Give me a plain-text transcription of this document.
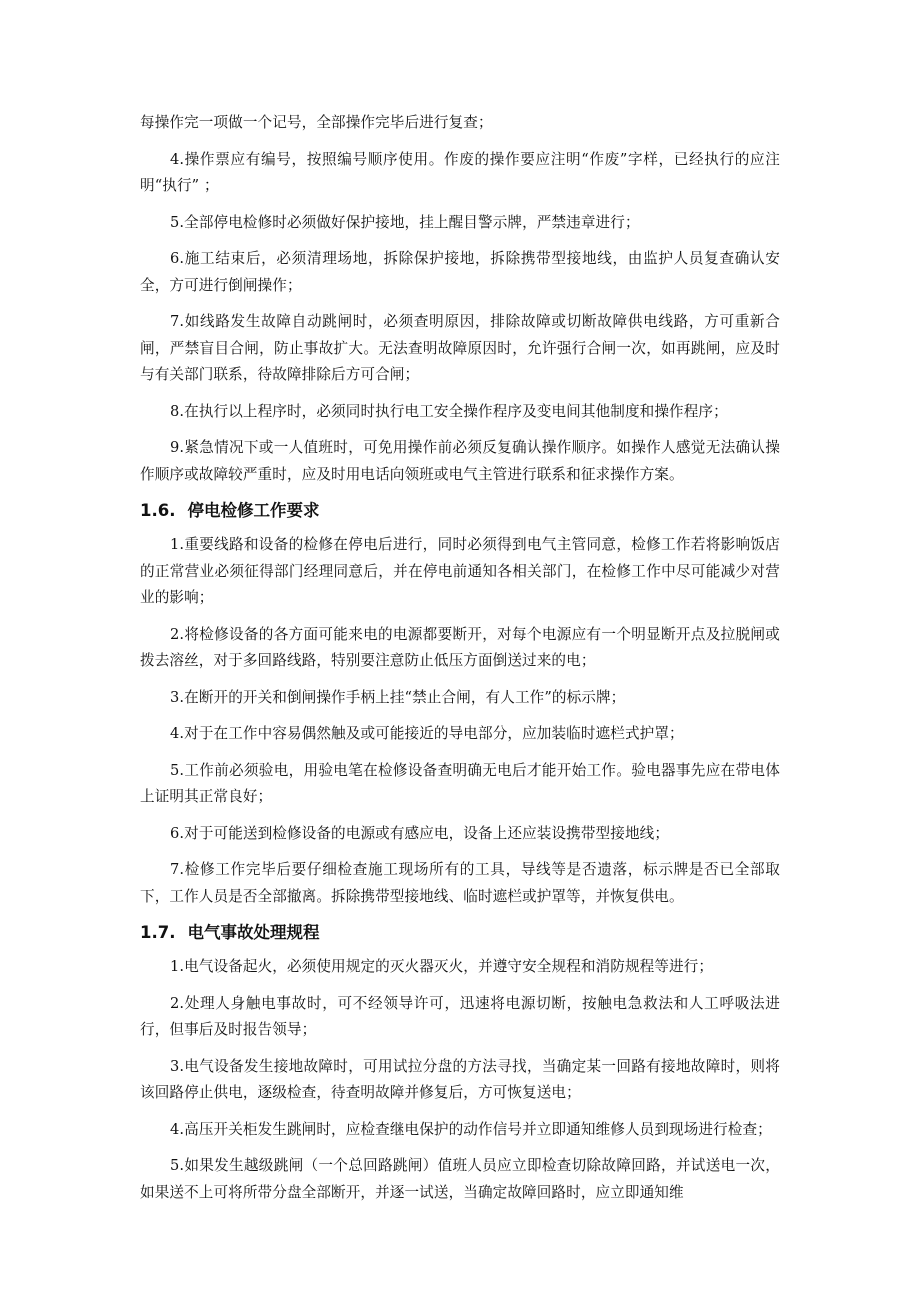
每操作完一项做一个记号，全部操作完毕后进行复查；

4.操作票应有编号，按照编号顺序使用。作废的操作要应注明“作废”字样，已经执行的应注明“执行” ；

5.全部停电检修时必须做好保护接地，挂上醒目警示牌，严禁违章进行；

6.施工结束后，必须清理场地，拆除保护接地，拆除携带型接地线，由监护人员复查确认安全，方可进行倒闸操作；

7.如线路发生故障自动跳闸时，必须查明原因，排除故障或切断故障供电线路，方可重新合闸，严禁盲目合闸，防止事故扩大。无法查明故障原因时，允许强行合闸一次，如再跳闸，应及时与有关部门联系，待故障排除后方可合闸；

8.在执行以上程序时，必须同时执行电工安全操作程序及变电间其他制度和操作程序；

9.紧急情况下或一人值班时，可免用操作前必须反复确认操作顺序。如操作人感觉无法确认操作顺序或故障较严重时，应及时用电话向领班或电气主管进行联系和征求操作方案。

1.6. 停电检修工作要求

1.重要线路和设备的检修在停电后进行，同时必须得到电气主管同意，检修工作若将影响饭店的正常营业必须征得部门经理同意后，并在停电前通知各相关部门，在检修工作中尽可能减少对营业的影响；

2.将检修设备的各方面可能来电的电源都要断开，对每个电源应有一个明显断开点及拉脱闸或拨去溶丝，对于多回路线路，特别要注意防止低压方面倒送过来的电；

3.在断开的开关和倒闸操作手柄上挂“禁止合闸，有人工作”的标示牌；

4.对于在工作中容易偶然触及或可能接近的导电部分，应加装临时遮栏式护罩；

5.工作前必须验电，用验电笔在检修设备查明确无电后才能开始工作。验电器事先应在带电体上证明其正常良好；

6.对于可能送到检修设备的电源或有感应电，设备上还应装设携带型接地线；

7.检修工作完毕后要仔细检查施工现场所有的工具，导线等是否遗落，标示牌是否已全部取下，工作人员是否全部撤离。拆除携带型接地线、临时遮栏或护罩等，并恢复供电。

1.7. 电气事故处理规程

1.电气设备起火，必须使用规定的灭火器灭火，并遵守安全规程和消防规程等进行；

2.处理人身触电事故时，可不经领导许可，迅速将电源切断，按触电急救法和人工呼吸法进行，但事后及时报告领导；

3.电气设备发生接地故障时，可用试拉分盘的方法寻找，当确定某一回路有接地故障时，则将该回路停止供电，逐级检查，待查明故障并修复后，方可恢复送电；

4.高压开关柜发生跳闸时，应检查继电保护的动作信号并立即通知维修人员到现场进行检查；

5.如果发生越级跳闸（一个总回路跳闸）值班人员应立即检查切除故障回路，并试送电一次，如果送不上可将所带分盘全部断开，并逐一试送，当确定故障回路时，应立即通知维
